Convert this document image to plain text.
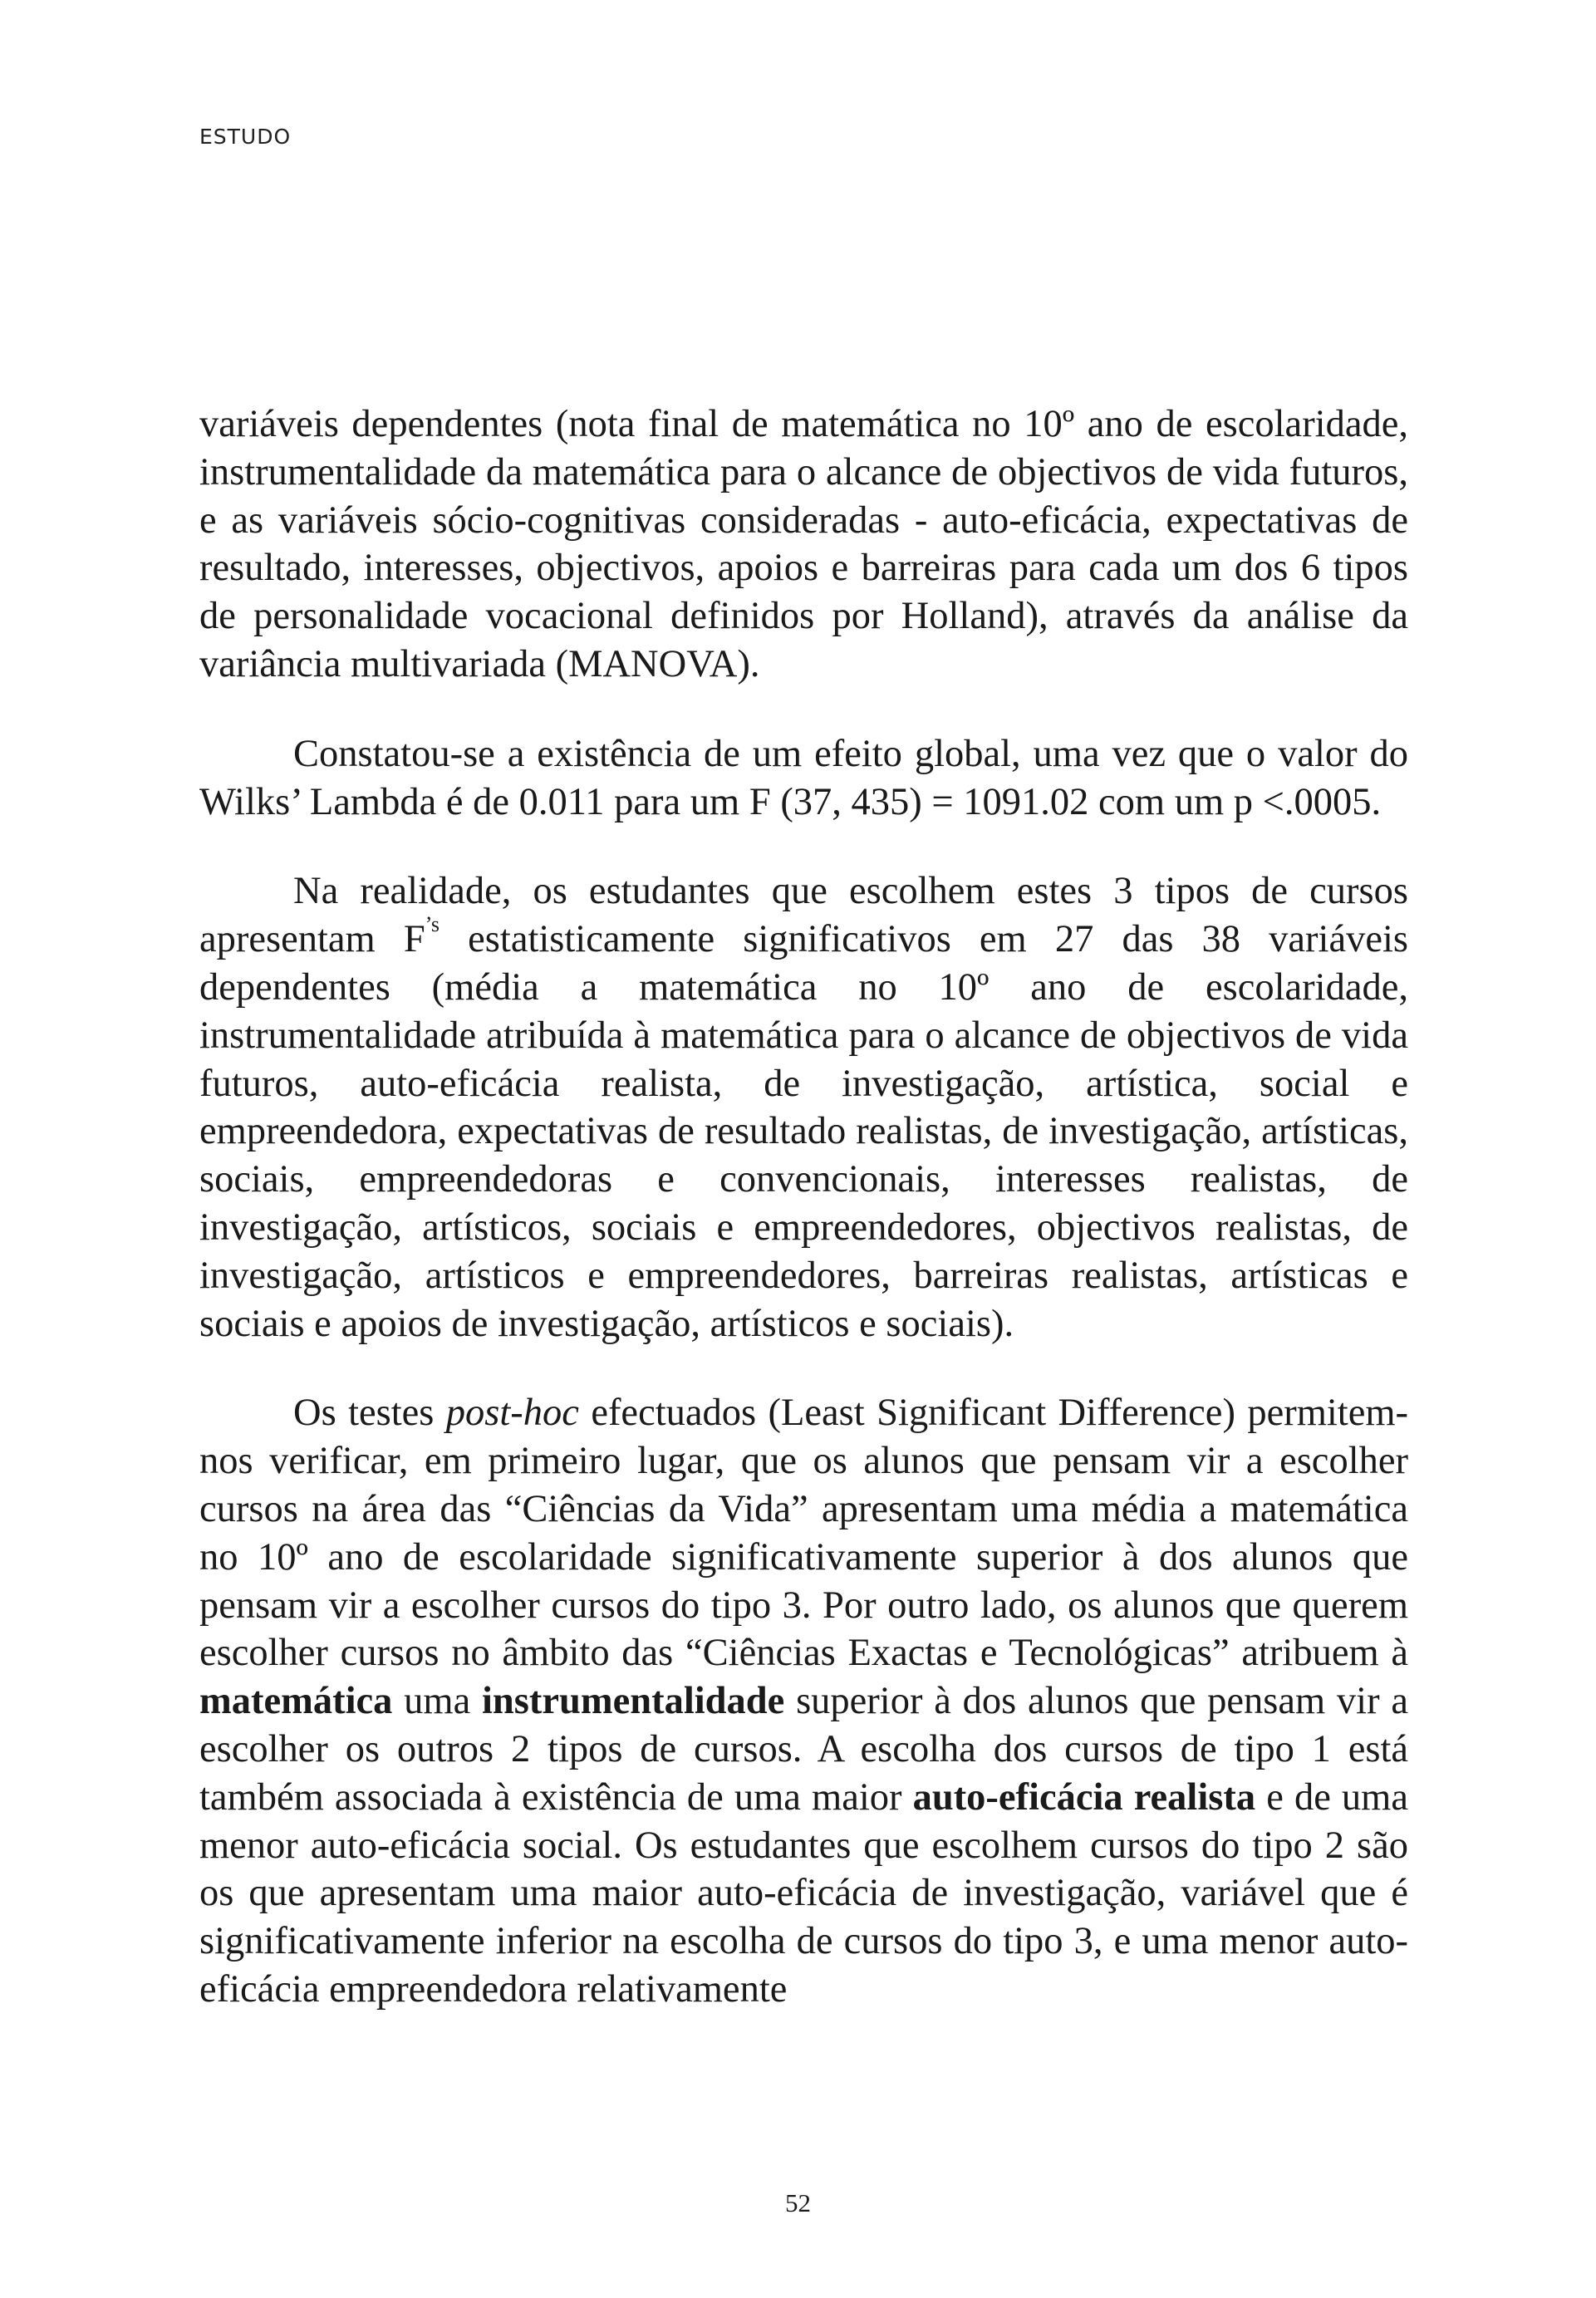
ESTUDO

variáveis dependentes (nota final de matemática no 10º ano de escolaridade, instrumentalidade da matemática para o alcance de objectivos de vida futuros, e as variáveis sócio-cognitivas consideradas - auto-eficácia, expectativas de resultado, interesses, objectivos, apoios e barreiras para cada um dos 6 tipos de personalidade vocacional definidos por Holland), através da análise da variância multivariada (MANOVA).

Constatou-se a existência de um efeito global, uma vez que o valor do Wilks’ Lambda é de 0.011 para um F (37, 435) = 1091.02 com um p <.0005.

Na realidade, os estudantes que escolhem estes 3 tipos de cursos apresentam $F^{’s}$ estatisticamente significativos em 27 das 38 variáveis dependentes (média a matemática no 10º ano de escolaridade, instrumentalidade atribuída à matemática para o alcance de objectivos de vida futuros, auto-eficácia realista, de investigação, artística, social e empreendedora, expectativas de resultado realistas, de investigação, artísticas, sociais, empreendedoras e convencionais, interesses realistas, de investigação, artísticos, sociais e empreendedores, objectivos realistas, de investigação, artísticos e empreendedores, barreiras realistas, artísticas e sociais e apoios de investigação, artísticos e sociais).

Os testes post-hoc efectuados (Least Significant Difference) permitem-nos verificar, em primeiro lugar, que os alunos que pensam vir a escolher cursos na área das “Ciências da Vida” apresentam uma média a matemática no 10º ano de escolaridade significativamente superior à dos alunos que pensam vir a escolher cursos do tipo 3. Por outro lado, os alunos que querem escolher cursos no âmbito das “Ciências Exactas e Tecnológicas” atribuem à matemática uma instrumentalidade superior à dos alunos que pensam vir a escolher os outros 2 tipos de cursos. A escolha dos cursos de tipo 1 está também associada à existência de uma maior auto-eficácia realista e de uma menor auto-eficácia social. Os estudantes que escolhem cursos do tipo 2 são os que apresentam uma maior auto-eficácia de investigação, variável que é significativamente inferior na escolha de cursos do tipo 3, e uma menor auto-eficácia empreendedora relativamente

52
